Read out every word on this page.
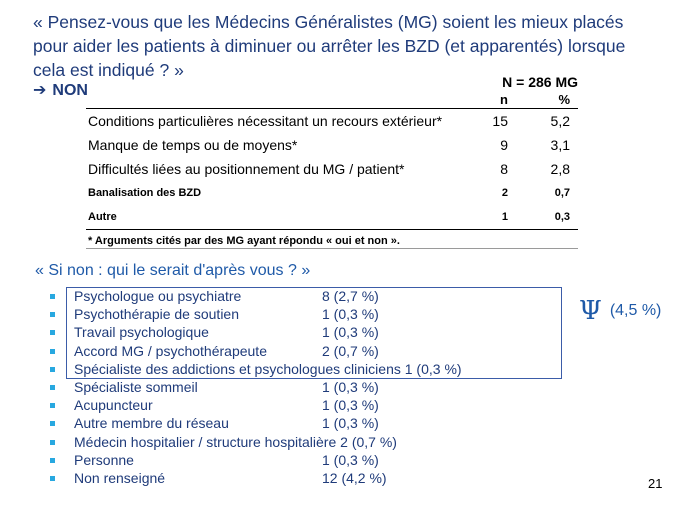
« Pensez-vous que les Médecins Généralistes (MG) soient les mieux placés pour aider les patients à diminuer ou arrêter les BZD (et apparentés) lorsque cela est indiqué ? »

➔ NON	N = 286 MG		
	n	%
Conditions particulières nécessitant un recours extérieur*	15	5,2
Manque de temps ou de moyens*	9	3,1
Difficultés liées au positionnement du MG / patient*	8	2,8
Banalisation des BZD	2	0,7
Autre	1	0,3
* Arguments cités par des MG ayant répondu « oui et non ».		

« Si non : qui le serait d'après vous ? »

Psychologue ou psychiatre	8 (2,7 %)
Psychothérapie de soutien	1 (0,3 %)
Travail psychologique	1 (0,3 %)
Accord MG / psychothérapeute	2 (0,7 %)
Spécialiste des addictions et psychologues cliniciens 1 (0,3 %)
Spécialiste sommeil	1 (0,3 %)
Acupuncteur	1 (0,3 %)
Autre membre du réseau	1 (0,3 %)
Médecin hospitalier / structure hospitalière 2 (0,7 %)
Personne	1 (0,3 %)
Non renseigné	12 (4,2 %)
Ψ (4,5 %)
21
